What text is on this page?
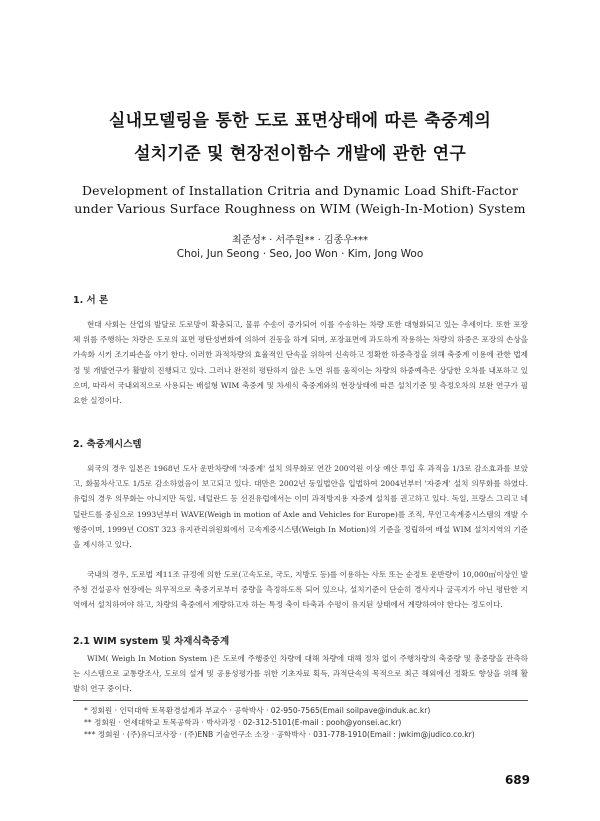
실내모델링을 통한 도로 표면상태에 따른 축중계의
설치기준 및 현장전이함수 개발에 관한 연구
Development of Installation Critria and Dynamic Load Shift-Factor
under Various Surface Roughness on WIM (Weigh-In-Motion) System
최준성* · 서주원** · 김종우***
Choi, Jun Seong · Seo, Joo Won · Kim, Jong Woo
1. 서 론
현대 사회는 산업의 발달로 도로망이 확충되고, 물류 수송이 증가되어 이를 수송하는 차량 또한 대형화되고 있는 추세이다. 또한 포장체 위를 주행하는 차량은 도로의 표면 평탄성변화에 의하여 진동을 하게 되며, 포장표면에 과도하게 작용하는 차량의 하중은 포장의 손상을 가속화 시키 조기파손을 야기 한다. 이러한 과적차량의 효율적인 단속을 위하여 신속하고 정확한 하중측정을 위해 축중계 이용에 관한 법제정 및 개발연구가 활발히 진행되고 있다. 그러나 완전히 평탄하지 않은 노면 위를 움직이는 차량의 하중예측은 상당한 오차를 내포하고 있으며, 따라서 국내외적으로 사용되는 배설형 WIM 축중계 및 차세식 축중계와의 현장상태에 따른 설치기준 및 측정오차의 보완 연구가 필요한 실정이다.
2. 축중계시스템
외국의 경우 일본은 1968년 도사 운반차량에 '자중계' 설치 의무화로 연간 200억원 이상 예산 투입 후 과적을 1/3로 감소효과를 보았고, 화물차사고도 1/5로 감소하였음이 보고되고 있다. 대만은 2002년 동일법안을 입법하여 2004년부터 '자중계' 설치 의무화를 하였다. 유럽의 경우 의무화는 아니지만 독일, 네덜란드 등 선진유럽에서는 이미 과적방지용 자중계 설치를 권고하고 있다. 독일, 프랑스 그리고 네덜란드를 중심으로 1993년부터 WAVE(Weigh in motion of Axle and Vehicles for Europe)를 조직, 무인고속계중시스템의 개발 수행중이며, 1999년 COST 323 유지관리위원회에서 고속계중시스템(Weigh In Motion)의 기준을 정립하여 배설 WIM 설치지역의 기준을 제시하고 있다.
국내의 경우, 도로법 제11조 규정에 의한 도로(고속도로, 국도, 지방도 등)를 이용하는 사토 또는 순정토 운반량이 10,000㎥이상인 발주청 건설공사 현장에는 의무적으로 축중기로부터 중량을 측정하도록 되어 있으나, 설치기준이 단순히 경사지나 굴곡지가 아닌 평탄한 지역에서 설치하여야 하고, 차량의 축중에서 계량하고자 하는 특정 축이 타축과 수평이 유지된 상태에서 계량하여야 한다는 정도이다.
2.1 WIM system 및 차재식축중계
WIM( Weigh In Motion System )은 도로에 주행중인 차량에 대해 차량에 대해 정차 없이 주행차량의 축중량 및 총중량을 관측하는 시스템으로 교통량조사, 도로의 설계 및 공용성평가를 위한 기초자료 획득, 과적단속의 목적으로 최근 해외에선 정확도 향상을 위해 활발히 연구 중이다.
* 정회원 · 인덕대학 토목환경설계과 부교수 · 공학박사 · 02-950-7565(Email soilpave@induk.ac.kr)
** 정회원 · 연세대학교 토목공학과 · 박사과정 · 02-312-5101(E-mail : pooh@yonsei.ac.kr)
*** 정회원 · (주)유디코사장 · (주)ENB 기술연구소 소장 · 공학박사 · 031-778-1910(Email : jwkim@judico.co.kr)
689
